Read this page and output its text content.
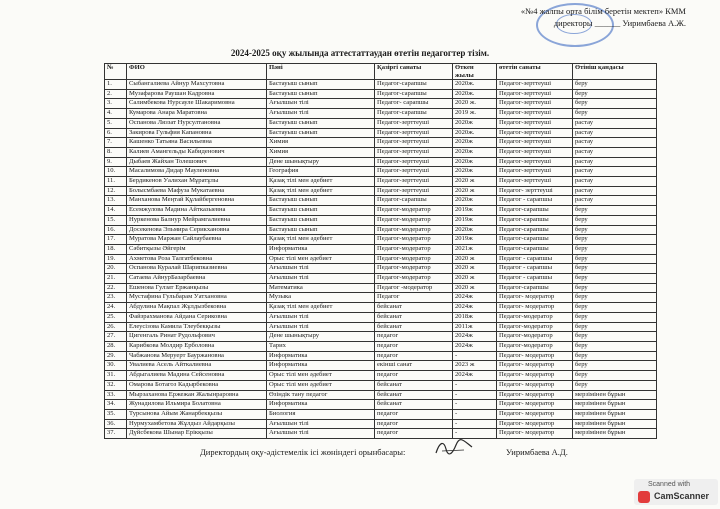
«№4 жалпы орта білім беретін мектеп» КММ
директоры ______ Уиримбаева А.Ж.
2024-2025 оқу жылында аттестаттаудан өтетін педагогтер тізім.
№	ФИО	Пәні	Қазіргі санаты	Өткен жылы	өтетін санаты	Өтініш қандасы
1.	Сыбангалиева Айнур Махсутовна	Бастауыш сынып	Педагог-сарапшы	2020ж.	Педагог-зерттеуші	беру
2.	Музафарова Раушан Кадровна	Бастауыш сынып	Педагог-сарапшы	2020ж.	Педагог-зерттеуші	беру
3.	Салимбекова Нурсауле Шакаримовна	Ағылшын тілі	Педагог- сарапшы	2020 ж.	Педагог-зерттеуші	беру
4.	Кумарова Анара Маратовна	Ағылшын тілі	Педагог-сарапшы	2019 ж.	Педагог-зерттеуші	беру
5.	Оспанова Ляззат Нурсултановна	Бастауыш сынып	Педагог-зерттеуші	2020ж	Педагог-зерттеуші	растау
6.	Закирова Гульфия Капановна	Бастауыш сынып	Педагог-зерттеуші	2020ж.	Педагог-зерттеуші	растау
7.	Кашенко Татьяна Васильевна	Химия	Педагог-зерттеуші	2020ж	Педагог-зерттеуші	растау
8.	Калиев Амангельды Кабиденович	Химия	Педагог-зерттеуші	2020ж	Педагог-зерттеуші	растау
9.	Дыбаев Жайхан Толешович	Дене шынықтыру	Педагог-зерттеуші	2020ж	Педагог-зерттеуші	растау
10.	Масалимова Дидар Мауленовна	География	Педагог-зерттеуші	2020ж	Педагог-зерттеуші	растау
11.	Бердикенов Уалихан Мұратұлы	Қазақ тілі мен әдебиет	Педагог-зерттеуші	2020 ж	Педагог-зерттеуші	растау
12.	Болысмбаева Мафуза Мукатаевна	Қазақ тілі мен әдебиет	Педагог-зерттеуші	2020 ж	Педагог- зерттеуші	растау
13.	Манханова Меңтай Құлайбергеновна	Бастауыш сынып	Педагог-сарапшы	2020ж	Педагог - сарапшы	растау
14.	Есемжулова Мадина Айтказыевна	Бастауыш сынып	Педагог-модератор	2019ж	Педагог-сарапшы	беру
15.	Нуркенова Балнур Мейрамгалиевна	Бастауыш сынып	Педагог-модератор	2019ж	Педагог-сарапшы	беру
16.	Досекенова Эльмира Серикхановна	Бастауыш сынып	Педагог-модератор	2020ж	Педагог-сарапшы	беру
17.	Муратова Маржан Сайлаубаевна	Қазақ тілі мен әдебиет	Педагог-модератор	2019ж	Педагог-сарапшы	беру
18.	Сәбитқызы Әйгерім	Информатика	Педагог-модератор	2021ж	Педагог-сарапшы	беру
19.	Ахметова Роза Талгатбековна	Орыс тілі мен әдебиет	Педагог-модератор	2020 ж	Педагог - сарапшы	беру
20.	Оспанова Куралай Шарипказиевна	Ағылшын тілі	Педагог-модератор	2020 ж	Педагог - сарапшы	беру
21.	Сатаева АйнурБазарбаевна	Ағылшын тілі	Педагог-модератор	2020 ж	Педагог - сарапшы	беру
22.	Ешенова Гулзат Ержанқызы	Математика	Педагог -модератор	2020 ж	Педагог-сарапшы	беру
23.	Мустафина Гульбарам Уатхановна	Музыка	Педагог	2024ж	Педагог- модератор	беру
24.	Абдулина Мақпал Жұлдызбековна	Қазақ тілі мен әдебиет	бейсанат	2024ж	Педагог- модератор	беру
25.	Файзрахманова Айдана Сериковна	Ағылшын тілі	бейсанат	2018ж	Педагог-модератор	беру
26.	Елеусізова Камила Тлеубекқызы	Ағылшын тілі	бейсанат	2011ж	Педагог-модератор	беру
27.	Цигенгаль Ринат Рудольфович	Дене шынықтыру	педагог	2024ж	Педагог-модератор	беру
28.	Карибкова Молдир Ерболовна	Тарих	педагог	2024ж	Педагог-модератор	беру
29.	Чабжанова Меруерт Бауржановна	Информатика	педагог	-	Педагог- модератор	беру
30.	Увалиева Асель Айткалиевна	Информатика	екінші санат	2023 ж	Педагог- модератор	беру
31.	Абдыгалиева Мадина Сейсеновна	Орыс тілі мен әдебиет	педагог	2024ж	Педагог- модератор	беру
32.	Омарова Ботагоз Кадырбековна	Орыс тілі мен әдебиет	бейсанат	-	Педагог- модератор	беру
33.	Мырзаханова Ержежан Жалынраровна	Өзіндік тану педагог	бейсанат	-	Педагог- модератор	мерзімінен бұрын
34.	Жунадилова Ильмира Болатовна	Информатика	бейсанат	-	Педагог- модератор	мерзімінен бұрын
35.	Турсынова Айым Жанарбекқызы	Биология	педагог	-	Педагог- модератор	мерзімінен бұрын
36.	Нурмухамбетова Жұлдыз Айдарқызы	Ағылшын тілі	педагог	-	Педагог- модератор	мерзімінен бұрын
37.	Дүйсбекова Шынар Ерікқызы	Ағылшын тілі	педагог	-	Педагог- модератор	мерзімінен бұрын
Директордың оқу-әдістемелік ісі жөніндегі орынбасары:	Уиримбаева А.Д.
Scanned with
CamScanner
